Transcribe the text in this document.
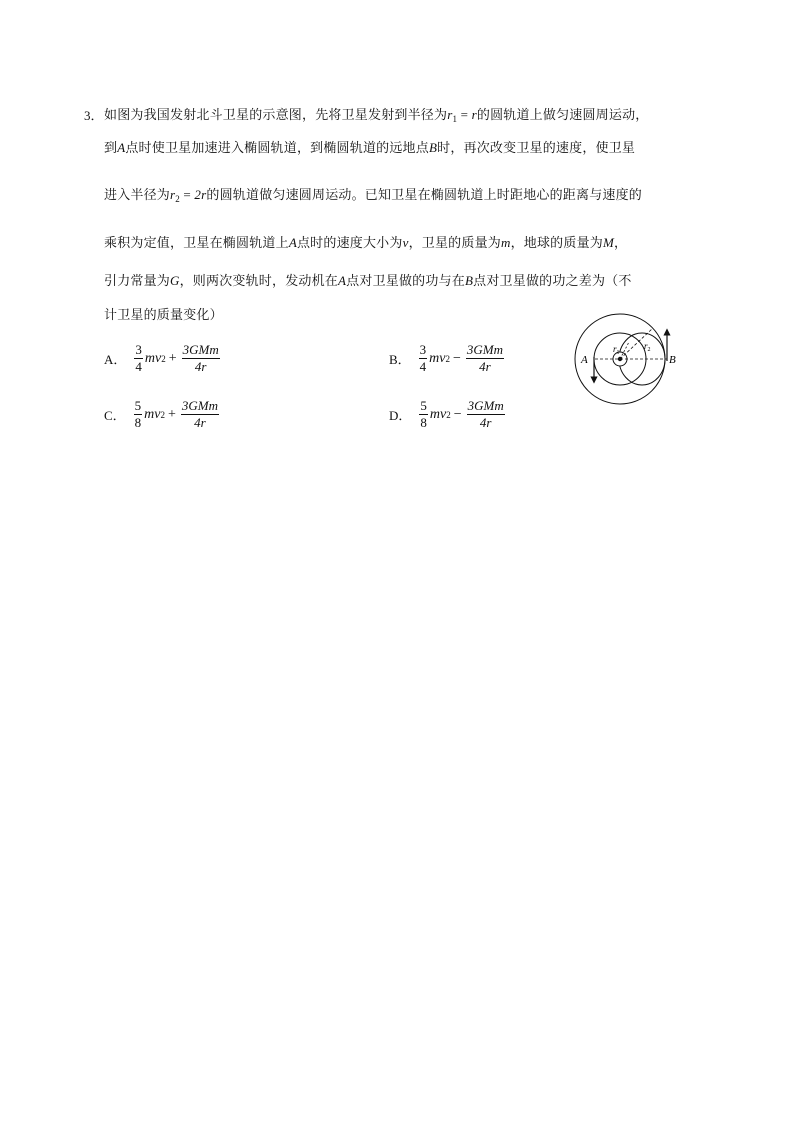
3． 如图为我国发射北斗卫星的示意图，先将卫星发射到半径为$r_1 = r$的圆轨道上做匀速圆周运动，
到A点时使卫星加速进入椭圆轨道，到椭圆轨道的远地点B时，再次改变卫星的速度，使卫星
进入半径为$r_2 = 2r$的圆轨道做匀速圆周运动。已知卫星在椭圆轨道上时距地心的距离与速度的
乘积为定值，卫星在椭圆轨道上A点时的速度大小为v，卫星的质量为m，地球的质量为M，
引力常量为G，则两次变轨时，发动机在A点对卫星做的功与在B点对卫星做的功之差为（不
计卫星的质量变化）
A． $\frac{3}{4}$ mv $2 + \frac{\text{3GMm}}{4r}$	B． $\frac{3}{4}$ mv $2 - \frac{\text{3GMm}}{4r}$
C． $\frac{5}{8}$ mv $2 + \frac{\text{3GMm}}{4r}$	D． $\frac{5}{8}$ mv $2 - \frac{\text{3GMm}}{4r}$
A	B
$r_1$
$r_2$
